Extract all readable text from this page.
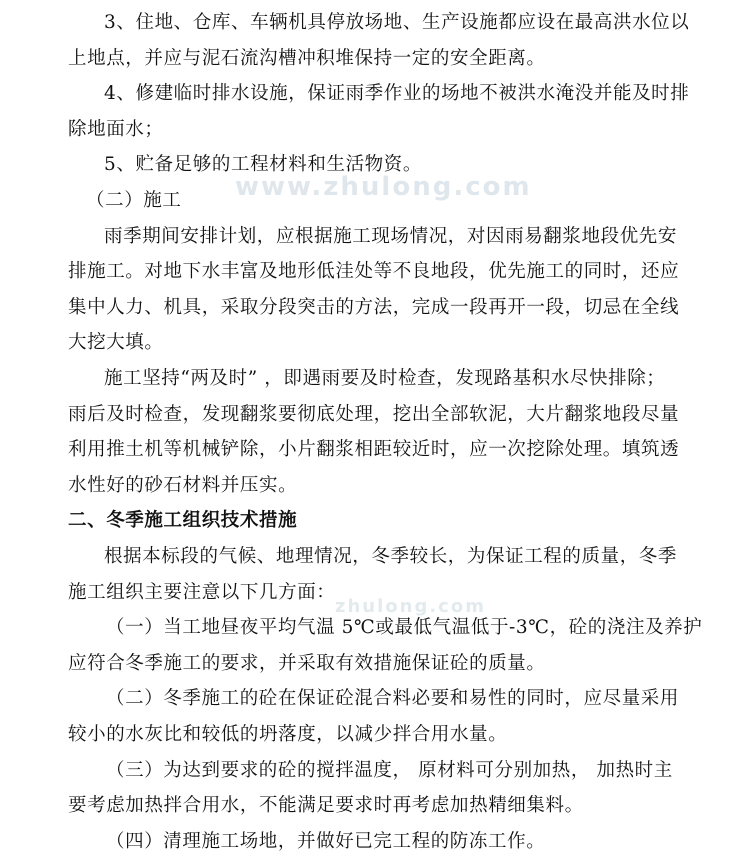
www.zhulong.com
zhulong.com
3、住地、仓库、车辆机具停放场地、生产设施都应设在最高洪水位以
上地点，并应与泥石流沟槽冲积堆保持一定的安全距离。
4、修建临时排水设施，保证雨季作业的场地不被洪水淹没并能及时排
除地面水；
5、贮备足够的工程材料和生活物资。
（二）施工
雨季期间安排计划，应根据施工现场情况，对因雨易翻浆地段优先安
排施工。对地下水丰富及地形低洼处等不良地段，优先施工的同时，还应
集中人力、机具，采取分段突击的方法，完成一段再开一段，切忌在全线
大挖大填。
施工坚持“两及时” ，即遇雨要及时检查，发现路基积水尽快排除；
雨后及时检查，发现翻浆要彻底处理，挖出全部软泥，大片翻浆地段尽量
利用推土机等机械铲除，小片翻浆相距较近时，应一次挖除处理。填筑透
水性好的砂石材料并压实。
二、冬季施工组织技术措施
根据本标段的气候、地理情况，冬季较长，为保证工程的质量，冬季
施工组织主要注意以下几方面：
（一）当工地昼夜平均气温 5℃或最低气温低于-3℃，砼的浇注及养护
应符合冬季施工的要求，并采取有效措施保证砼的质量。
（二）冬季施工的砼在保证砼混合料必要和易性的同时，应尽量采用
较小的水灰比和较低的坍落度，以减少拌合用水量。
（三）为达到要求的砼的搅拌温度， 原材料可分别加热， 加热时主
要考虑加热拌合用水，不能满足要求时再考虑加热精细集料。
（四）清理施工场地，并做好已完工程的防冻工作。
